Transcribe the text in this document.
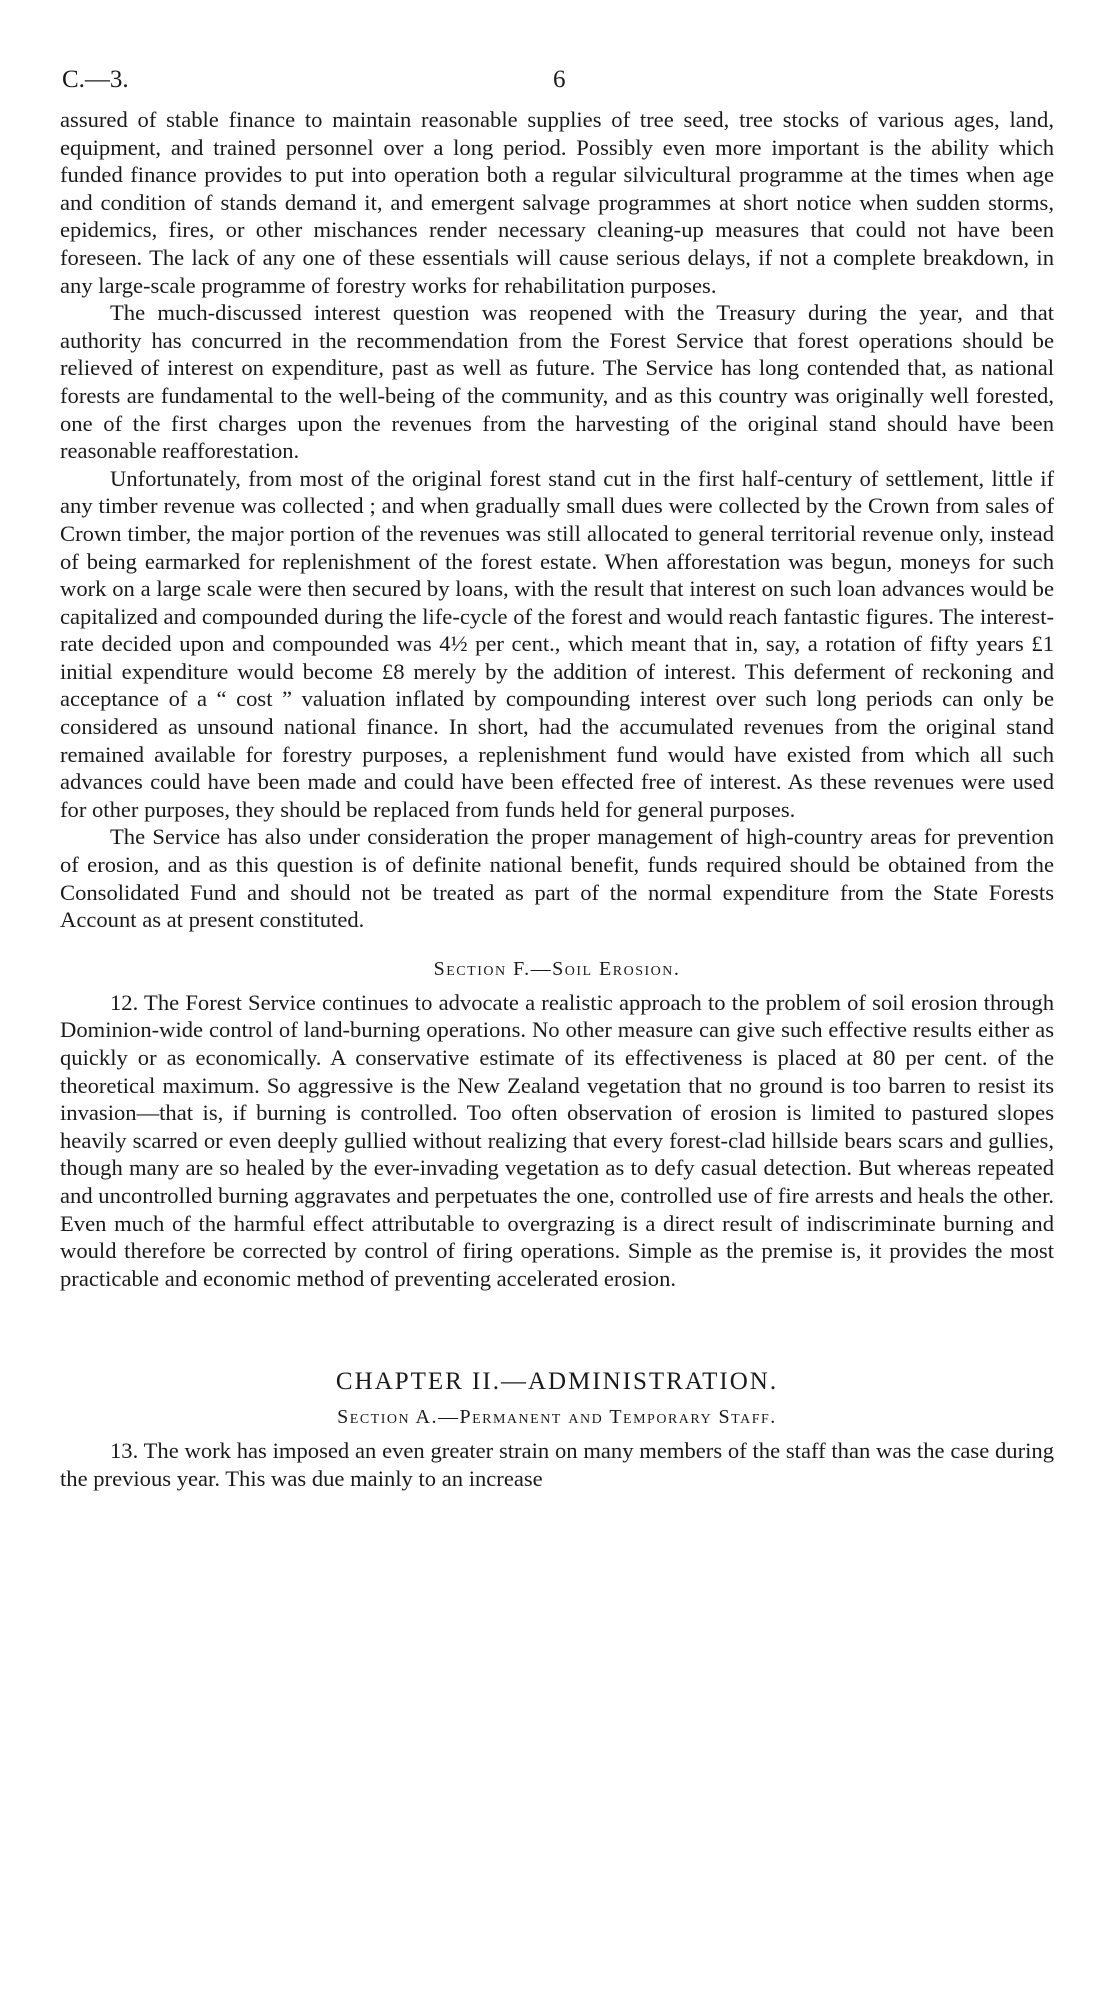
C.—3.	6

assured of stable finance to maintain reasonable supplies of tree seed, tree stocks of various ages, land, equipment, and trained personnel over a long period. Possibly even more important is the ability which funded finance provides to put into operation both a regular silvicultural programme at the times when age and condition of stands demand it, and emergent salvage programmes at short notice when sudden storms, epidemics, fires, or other mischances render necessary cleaning-up measures that could not have been foreseen. The lack of any one of these essentials will cause serious delays, if not a complete breakdown, in any large-scale programme of forestry works for rehabilitation purposes.

The much-discussed interest question was reopened with the Treasury during the year, and that authority has concurred in the recommendation from the Forest Service that forest operations should be relieved of interest on expenditure, past as well as future. The Service has long contended that, as national forests are fundamental to the well-being of the community, and as this country was originally well forested, one of the first charges upon the revenues from the harvesting of the original stand should have been reasonable reafforestation.

Unfortunately, from most of the original forest stand cut in the first half-century of settlement, little if any timber revenue was collected ; and when gradually small dues were collected by the Crown from sales of Crown timber, the major portion of the revenues was still allocated to general territorial revenue only, instead of being earmarked for replenishment of the forest estate. When afforestation was begun, moneys for such work on a large scale were then secured by loans, with the result that interest on such loan advances would be capitalized and compounded during the life-cycle of the forest and would reach fantastic figures. The interest-rate decided upon and compounded was 4½ per cent., which meant that in, say, a rotation of fifty years £1 initial expenditure would become £8 merely by the addition of interest. This deferment of reckoning and acceptance of a “ cost ” valuation inflated by compounding interest over such long periods can only be considered as unsound national finance. In short, had the accumulated revenues from the original stand remained available for forestry purposes, a replenishment fund would have existed from which all such advances could have been made and could have been effected free of interest. As these revenues were used for other purposes, they should be replaced from funds held for general purposes.

The Service has also under consideration the proper management of high-country areas for prevention of erosion, and as this question is of definite national benefit, funds required should be obtained from the Consolidated Fund and should not be treated as part of the normal expenditure from the State Forests Account as at present constituted.

Section F.—Soil Erosion.

12. The Forest Service continues to advocate a realistic approach to the problem of soil erosion through Dominion-wide control of land-burning operations. No other measure can give such effective results either as quickly or as economically. A conservative estimate of its effectiveness is placed at 80 per cent. of the theoretical maximum. So aggressive is the New Zealand vegetation that no ground is too barren to resist its invasion—that is, if burning is controlled. Too often observation of erosion is limited to pastured slopes heavily scarred or even deeply gullied without realizing that every forest-clad hillside bears scars and gullies, though many are so healed by the ever-invading vegetation as to defy casual detection. But whereas repeated and uncontrolled burning aggravates and perpetuates the one, controlled use of fire arrests and heals the other. Even much of the harmful effect attributable to overgrazing is a direct result of indiscriminate burning and would therefore be corrected by control of firing operations. Simple as the premise is, it provides the most practicable and economic method of preventing accelerated erosion.

CHAPTER II.—ADMINISTRATION.
Section A.—Permanent and Temporary Staff.

13. The work has imposed an even greater strain on many members of the staff than was the case during the previous year. This was due mainly to an increase
